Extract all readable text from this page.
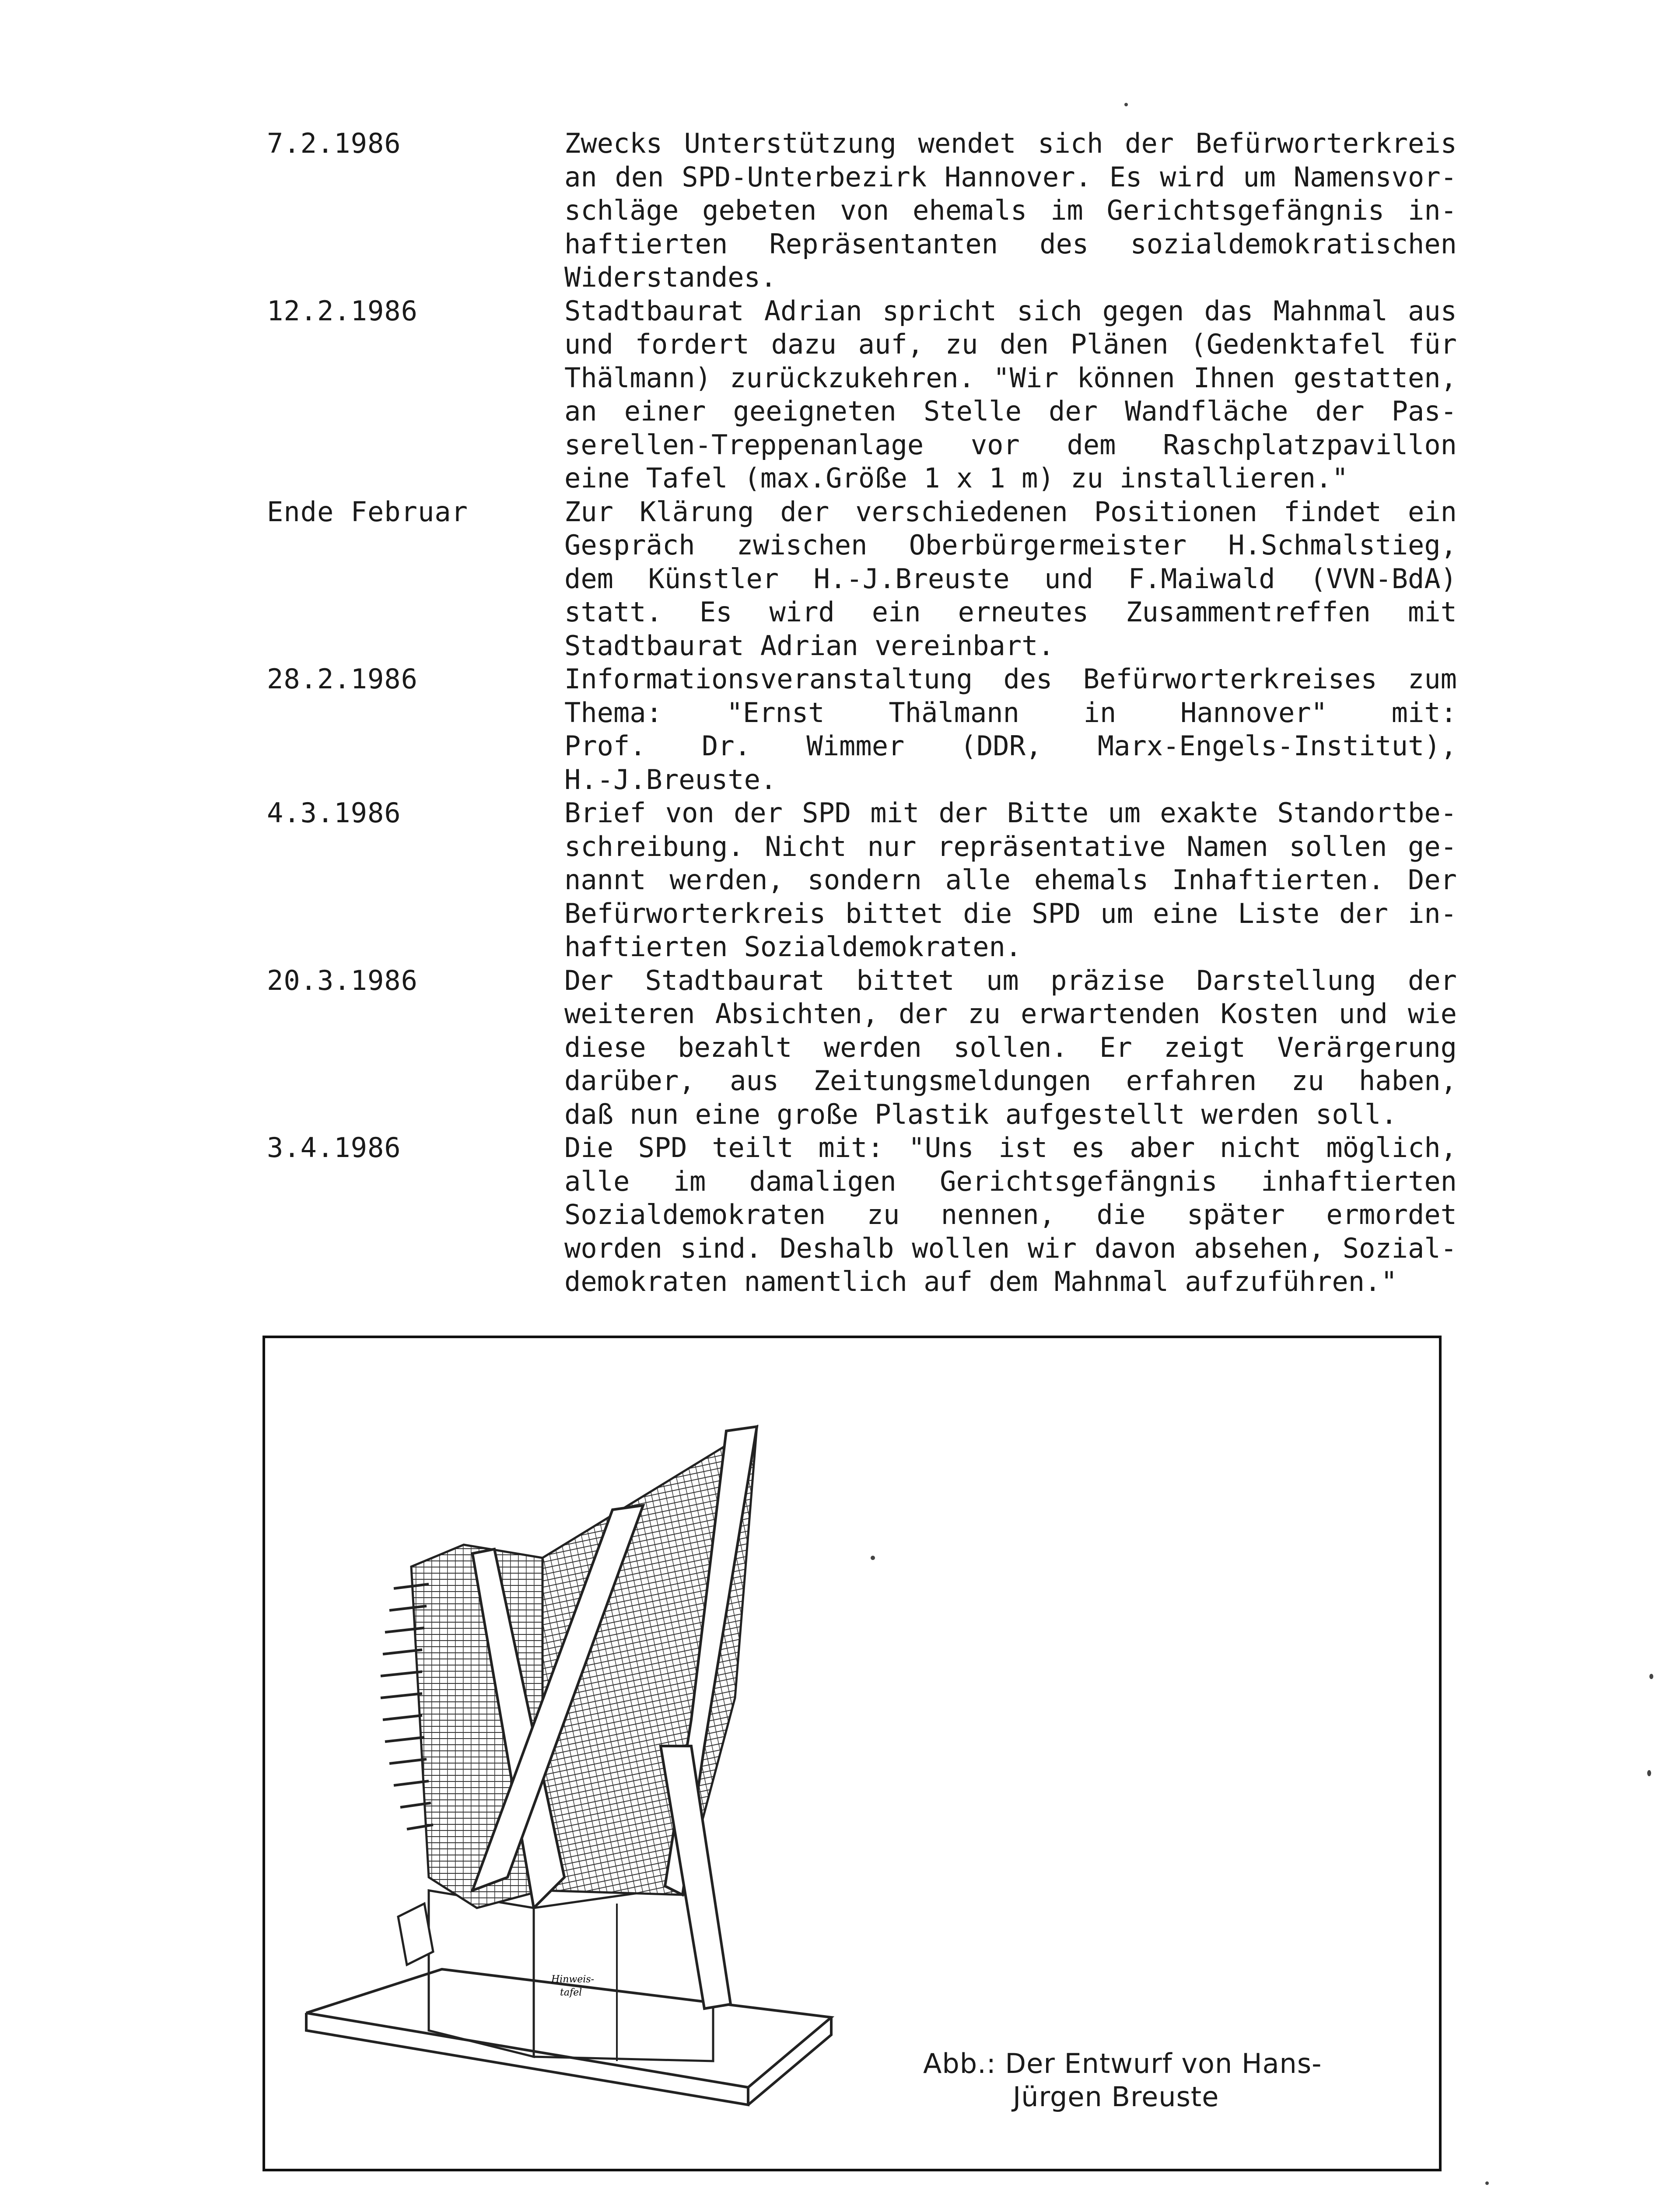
7.2.1986	Zwecks Unterstützung wendet sich der Befürworterkreis
an den SPD-Unterbezirk Hannover. Es wird um Namensvor-
schläge gebeten von ehemals im Gerichtsgefängnis in-
haftierten Repräsentanten des sozialdemokratischen
Widerstandes.
12.2.1986	Stadtbaurat Adrian spricht sich gegen das Mahnmal aus
und fordert dazu auf, zu den Plänen (Gedenktafel für
Thälmann) zurückzukehren. "Wir können Ihnen gestatten,
an einer geeigneten Stelle der Wandfläche der Pas-
serellen-Treppenanlage vor dem Raschplatzpavillon
eine Tafel (max.Größe 1 x 1 m) zu installieren."
Ende Februar	Zur Klärung der verschiedenen Positionen findet ein
Gespräch zwischen Oberbürgermeister H.Schmalstieg,
dem Künstler H.-J.Breuste und F.Maiwald (VVN-BdA)
statt. Es wird ein erneutes Zusammentreffen mit
Stadtbaurat Adrian vereinbart.
28.2.1986	Informationsveranstaltung des Befürworterkreises zum
Thema: "Ernst Thälmann in Hannover" mit:
Prof. Dr. Wimmer (DDR, Marx-Engels-Institut),
H.-J.Breuste.
4.3.1986	Brief von der SPD mit der Bitte um exakte Standortbe-
schreibung. Nicht nur repräsentative Namen sollen ge-
nannt werden, sondern alle ehemals Inhaftierten. Der
Befürworterkreis bittet die SPD um eine Liste der in-
haftierten Sozialdemokraten.
20.3.1986	Der Stadtbaurat bittet um präzise Darstellung der
weiteren Absichten, der zu erwartenden Kosten und wie
diese bezahlt werden sollen. Er zeigt Verärgerung
darüber, aus Zeitungsmeldungen erfahren zu haben,
daß nun eine große Plastik aufgestellt werden soll.
3.4.1986	Die SPD teilt mit: "Uns ist es aber nicht möglich,
alle im damaligen Gerichtsgefängnis inhaftierten
Sozialdemokraten zu nennen, die später ermordet
worden sind. Deshalb wollen wir davon absehen, Sozial-
demokraten namentlich auf dem Mahnmal aufzuführen."
Hinweis-
tafel
Abb.: Der Entwurf von Hans-
Jürgen Breuste
